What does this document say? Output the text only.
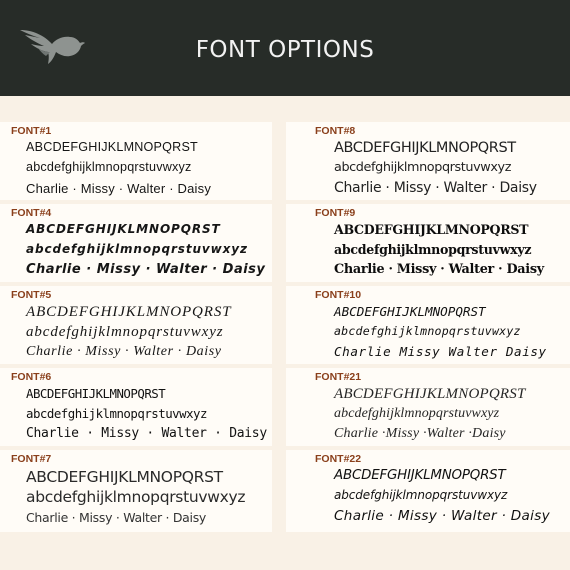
FONT OPTIONS
FONT#1
ABCDEFGHIJKLMNOPQRST
abcdefghijklmnopqrstuvwxyz
Charlie · Missy · Walter · Daisy
FONT#4
ABCDEFGHIJKLMNOPQRST
abcdefghijklmnopqrstuvwxyz
Charlie · Missy · Walter · Daisy
FONT#5
ABCDEFGHIJKLMNOPQRST
abcdefghijklmnopqrstuvwxyz
Charlie · Missy · Walter · Daisy
FONT#6
ABCDEFGHIJKLMNOPQRST
abcdefghijklmnopqrstuvwxyz
Charlie · Missy · Walter · Daisy
FONT#7
ABCDEFGHIJKLMNOPQRST
abcdefghijklmnopqrstuvwxyz
Charlie · Missy · Walter · Daisy
FONT#8
ABCDEFGHIJKLMNOPQRST
abcdefghijklmnopqrstuvwxyz
Charlie · Missy · Walter · Daisy
FONT#9
ABCDEFGHIJKLMNOPQRST
abcdefghijklmnopqrstuvwxyz
Charlie · Missy · Walter · Daisy
FONT#10
ABCDEFGHIJKLMNOPQRST
abcdefghijklmnopqrstuvwxyz
Charlie Missy Walter Daisy
FONT#21
ABCDEFGHIJKLMNOPQRST
abcdefghijklmnopqrstuvwxyz
Charlie ·Missy ·Walter ·Daisy
FONT#22
ABCDEFGHIJKLMNOPQRST
abcdefghijklmnopqrstuvwxyz
Charlie · Missy · Walter · Daisy
